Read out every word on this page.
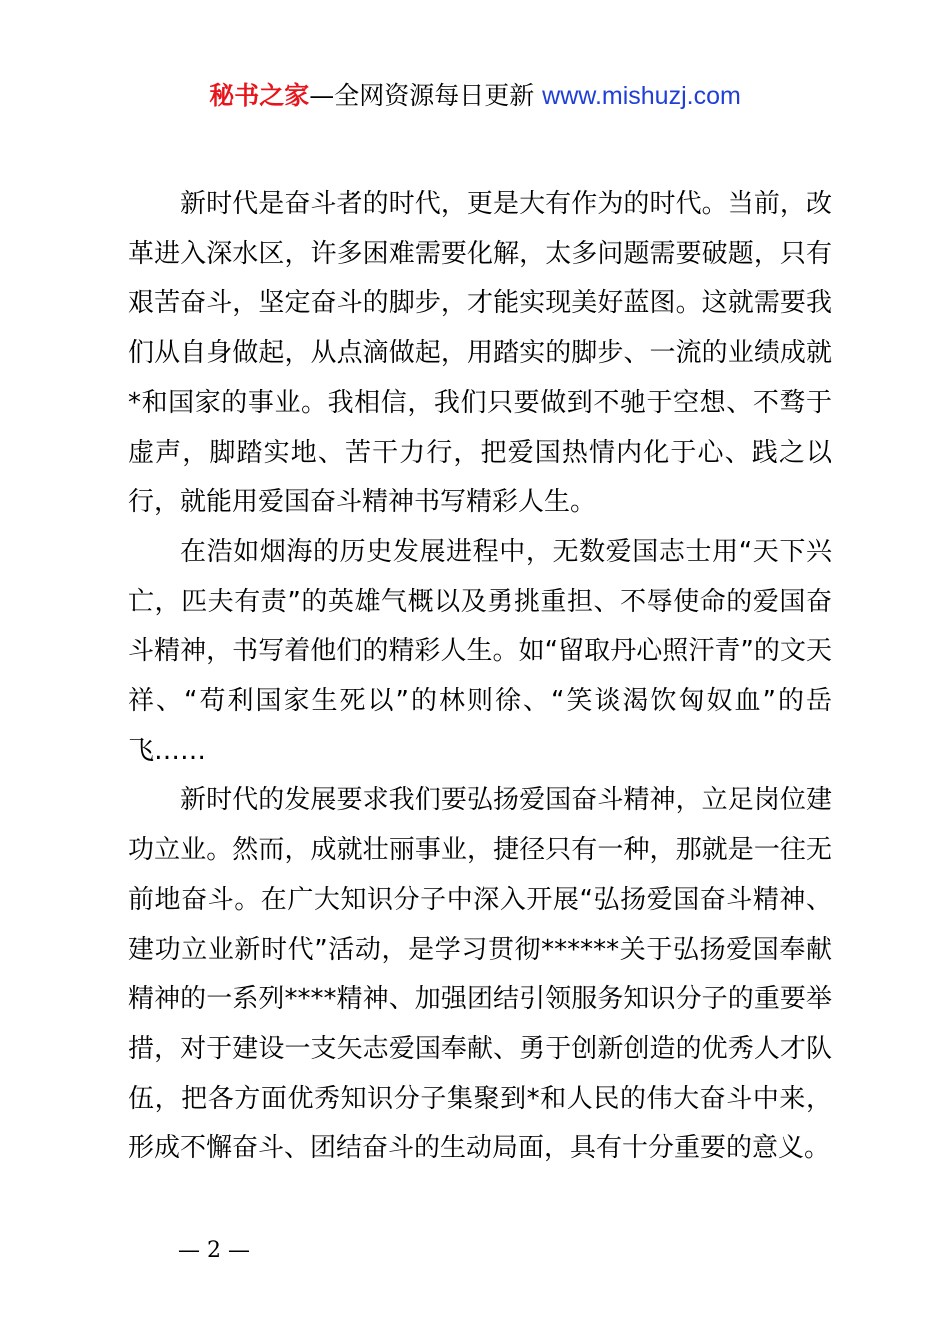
秘书之家—全网资源每日更新 www.mishuzj.com

新时代是奋斗者的时代，更是大有作为的时代。当前，改革进入深水区，许多困难需要化解，太多问题需要破题，只有艰苦奋斗，坚定奋斗的脚步，才能实现美好蓝图。这就需要我们从自身做起，从点滴做起，用踏实的脚步、一流的业绩成就*和国家的事业。我相信，我们只要做到不驰于空想、不骛于虚声，脚踏实地、苦干力行，把爱国热情内化于心、践之以行，就能用爱国奋斗精神书写精彩人生。

在浩如烟海的历史发展进程中，无数爱国志士用“天下兴亡，匹夫有责”的英雄气概以及勇挑重担、不辱使命的爱国奋斗精神，书写着他们的精彩人生。如“留取丹心照汗青”的文天祥、“苟利国家生死以”的林则徐、“笑谈渴饮匈奴血”的岳飞……

新时代的发展要求我们要弘扬爱国奋斗精神，立足岗位建功立业。然而，成就壮丽事业，捷径只有一种，那就是一往无前地奋斗。在广大知识分子中深入开展“弘扬爱国奋斗精神、建功立业新时代”活动，是学习贯彻******关于弘扬爱国奉献精神的一系列****精神、加强团结引领服务知识分子的重要举措，对于建设一支矢志爱国奉献、勇于创新创造的优秀人才队伍，把各方面优秀知识分子集聚到*和人民的伟大奋斗中来，形成不懈奋斗、团结奋斗的生动局面，具有十分重要的意义。

— 2 —
